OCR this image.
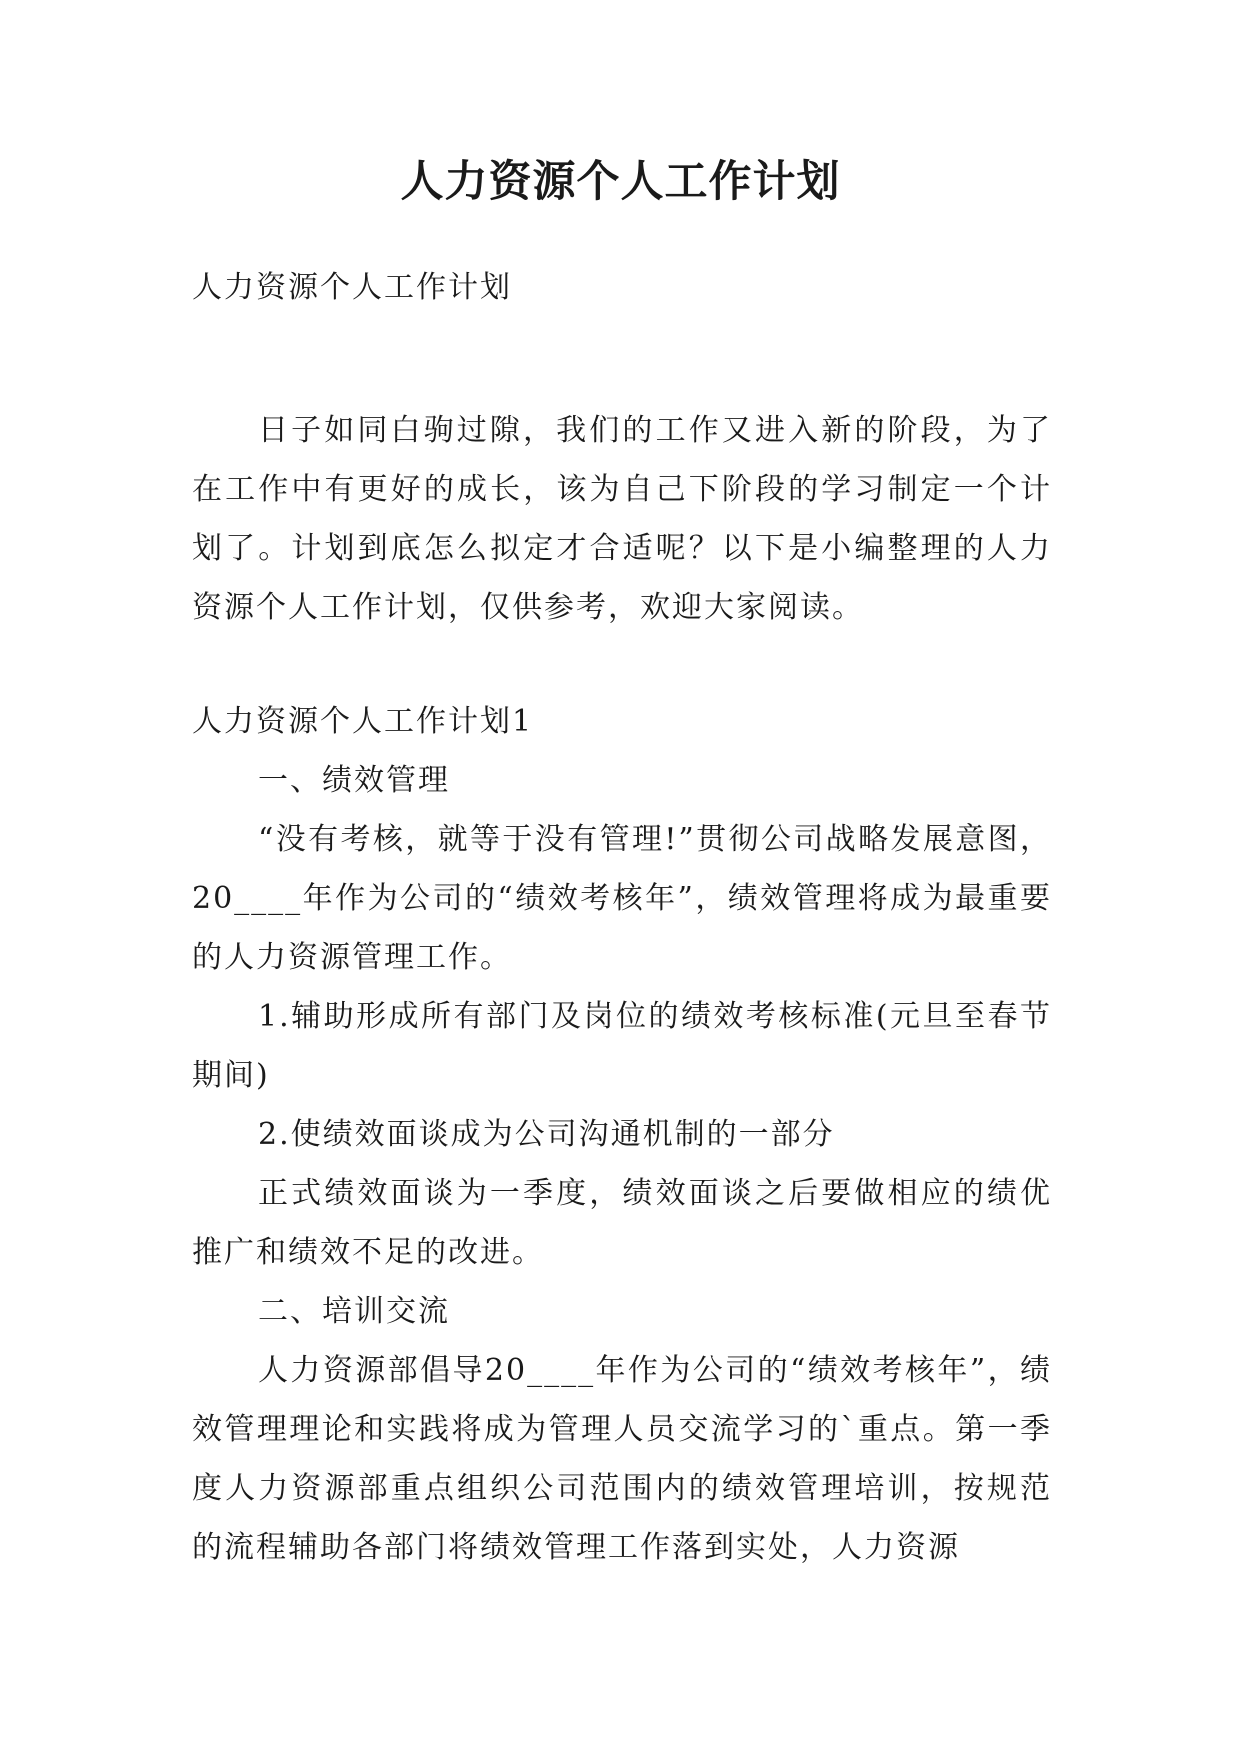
人力资源个人工作计划

人力资源个人工作计划

日子如同白驹过隙，我们的工作又进入新的阶段，为了在工作中有更好的成长，该为自己下阶段的学习制定一个计划了。计划到底怎么拟定才合适呢？以下是小编整理的人力资源个人工作计划，仅供参考，欢迎大家阅读。

人力资源个人工作计划1

一、绩效管理

“没有考核，就等于没有管理!”贯彻公司战略发展意图，20____年作为公司的“绩效考核年”，绩效管理将成为最重要的人力资源管理工作。

1.辅助形成所有部门及岗位的绩效考核标准(元旦至春节期间)

2.使绩效面谈成为公司沟通机制的一部分

正式绩效面谈为一季度，绩效面谈之后要做相应的绩优推广和绩效不足的改进。

二、培训交流

人力资源部倡导20____年作为公司的“绩效考核年”，绩效管理理论和实践将成为管理人员交流学习的`重点。第一季度人力资源部重点组织公司范围内的绩效管理培训，按规范的流程辅助各部门将绩效管理工作落到实处，人力资源
